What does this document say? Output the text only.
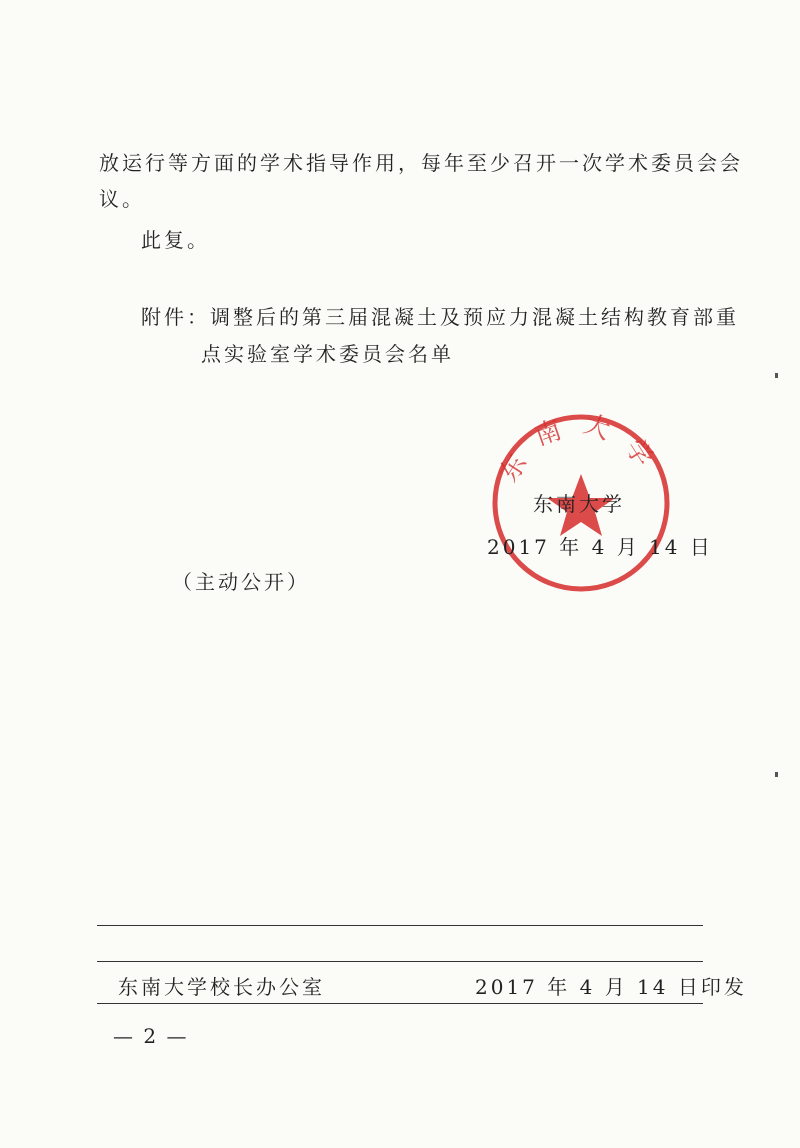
放运行等方面的学术指导作用，每年至少召开一次学术委员会会
议。
此复。
附件：调整后的第三届混凝土及预应力混凝土结构教育部重
点实验室学术委员会名单
东南大学
东南大学
2017 年 4 月 14 日
（主动公开）
东南大学校长办公室	2017 年 4 月 14 日印发
— 2 —
